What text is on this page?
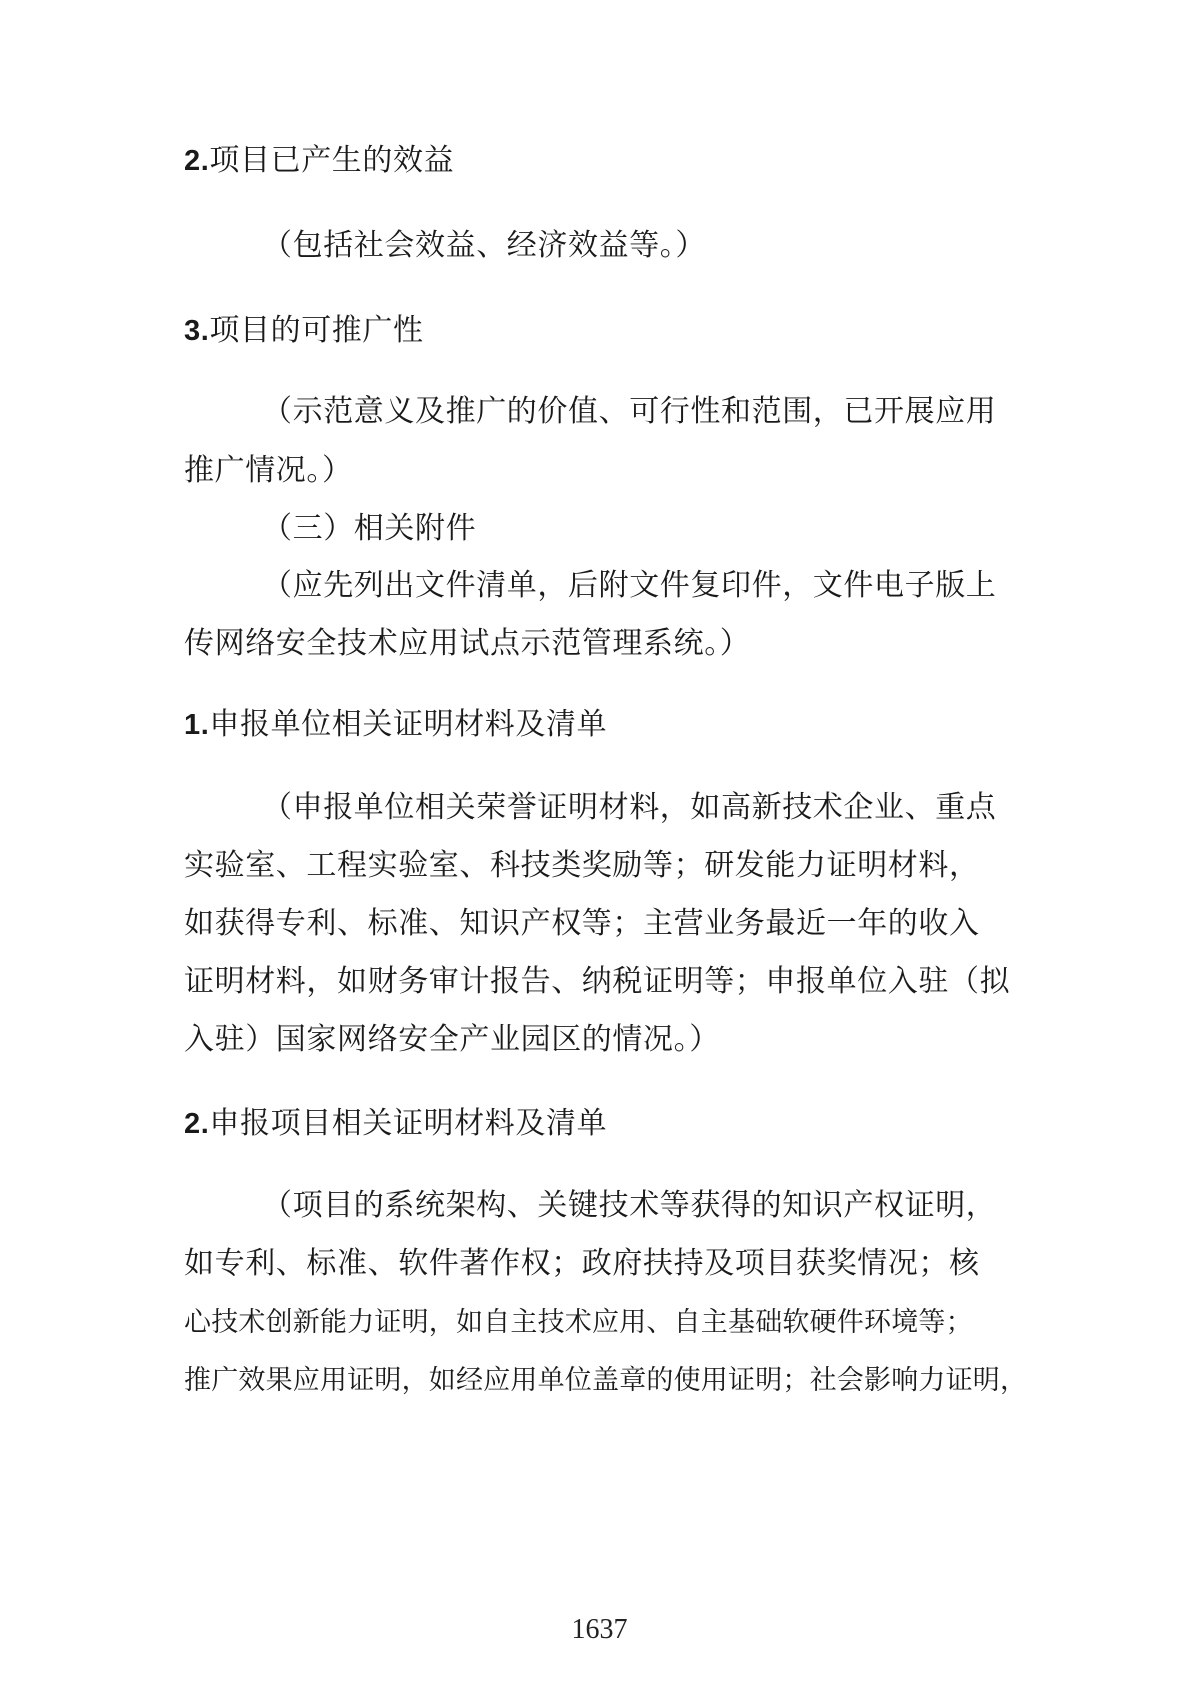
2.项目已产生的效益
（包括社会效益、经济效益等。）
3.项目的可推广性
（示范意义及推广的价值、可行性和范围，已开展应用
推广情况。）
（三）相关附件
（应先列出文件清单，后附文件复印件，文件电子版上
传网络安全技术应用试点示范管理系统。）
1.申报单位相关证明材料及清单
（申报单位相关荣誉证明材料，如高新技术企业、重点
实验室、工程实验室、科技类奖励等；研发能力证明材料，
如获得专利、标准、知识产权等；主营业务最近一年的收入
证明材料，如财务审计报告、纳税证明等；申报单位入驻（拟
入驻）国家网络安全产业园区的情况。）
2.申报项目相关证明材料及清单
（项目的系统架构、关键技术等获得的知识产权证明，
如专利、标准、软件著作权；政府扶持及项目获奖情况；核
心技术创新能力证明，如自主技术应用、自主基础软硬件环境等；
推广效果应用证明，如经应用单位盖章的使用证明；社会影响力证明，
1637
